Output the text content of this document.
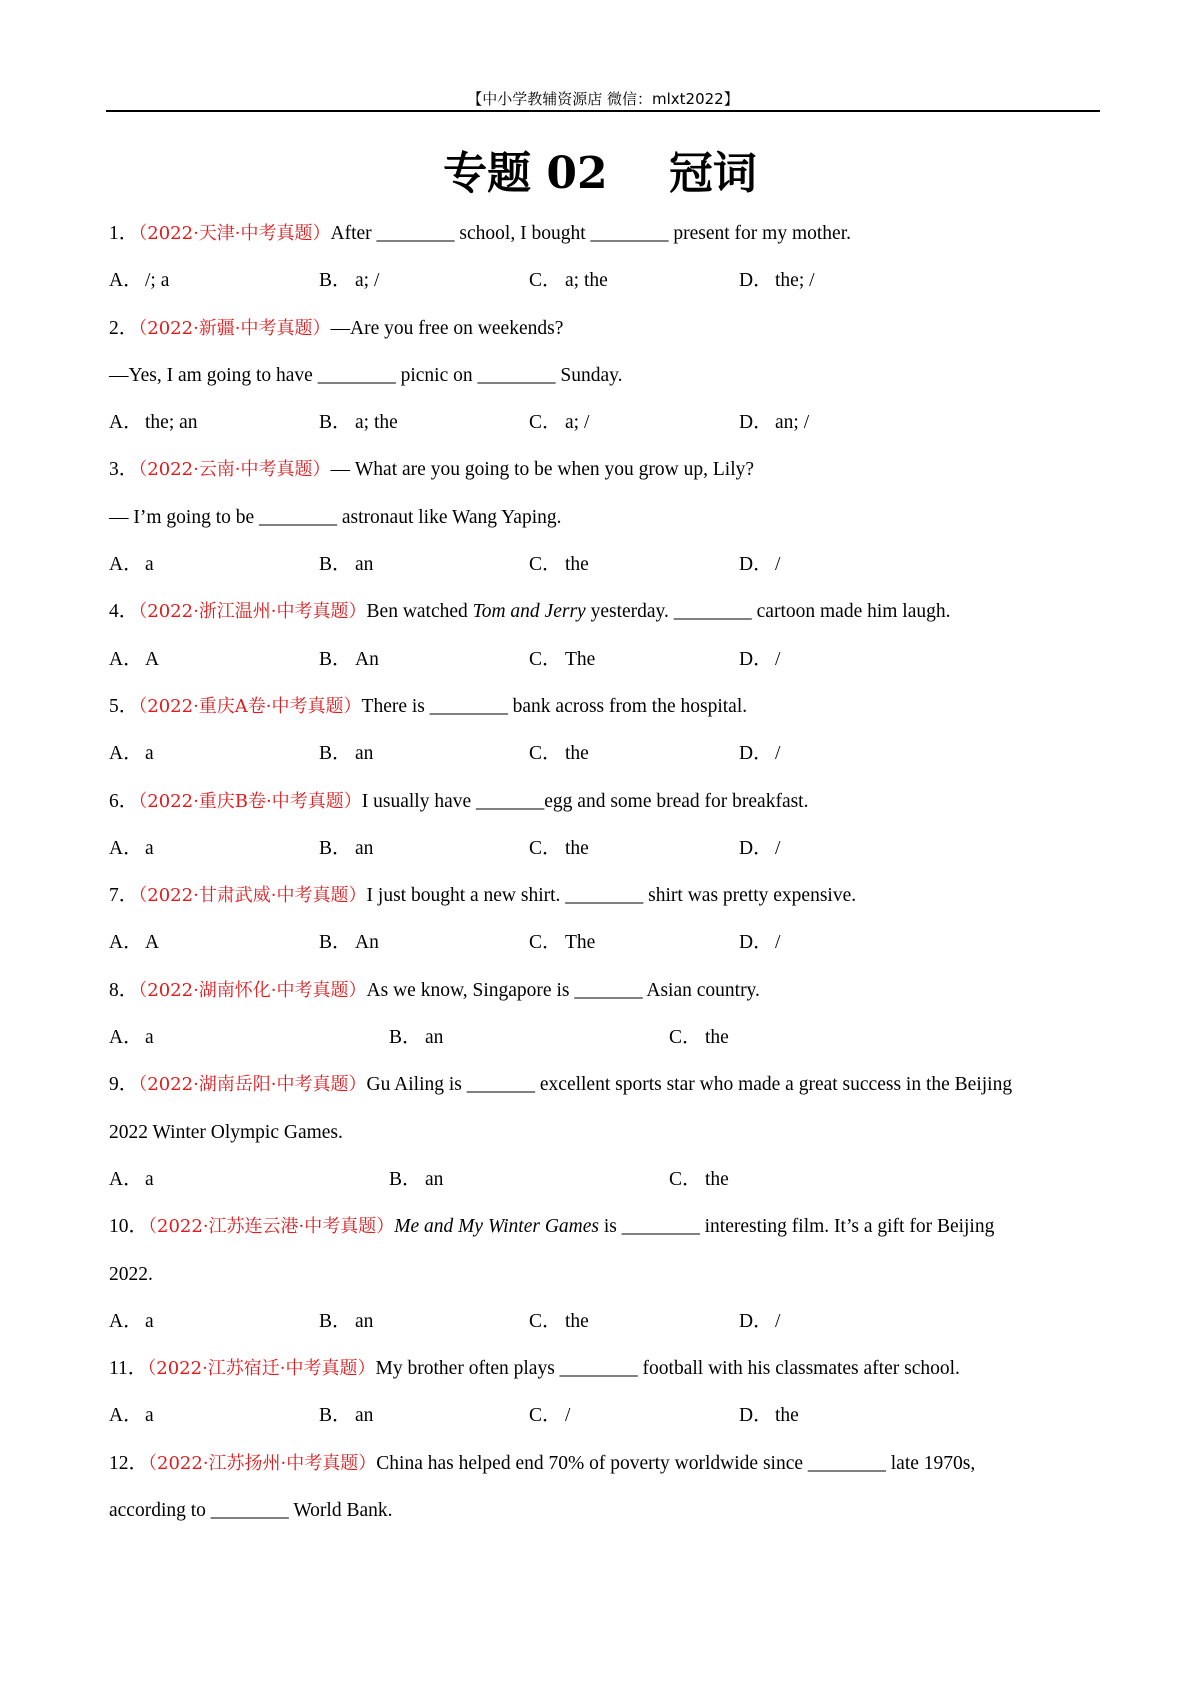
【中小学教辅资源店 微信：mlxt2022】
专题 02    冠词
1．（2022·天津·中考真题）After ________ school, I bought ________ present for my mother.
A． /; a	B． a; /	C． a; the	D． the; /
2．（2022·新疆·中考真题）—Are you free on weekends?
—Yes, I am going to have ________ picnic on ________ Sunday.
A． the; an	B． a; the	C． a; /	D． an; /
3．（2022·云南·中考真题）— What are you going to be when you grow up, Lily?
— I’m going to be ________ astronaut like Wang Yaping.
A． a	B． an	C． the	D． /
4．（2022·浙江温州·中考真题）Ben watched Tom and Jerry yesterday. ________ cartoon made him laugh.
A． A	B． An	C． The	D． /
5．（2022·重庆A卷·中考真题）There is ________ bank across from the hospital.
A． a	B． an	C． the	D． /
6．（2022·重庆B卷·中考真题）I usually have _______egg and some bread for breakfast.
A． a	B． an	C． the	D． /
7．（2022·甘肃武威·中考真题）I just bought a new shirt. ________ shirt was pretty expensive.
A． A	B． An	C． The	D． /
8．（2022·湖南怀化·中考真题）As we know, Singapore is _______ Asian country.
A． a	B． an	C． the
9．（2022·湖南岳阳·中考真题）Gu Ailing is _______ excellent sports star who made a great success in the Beijing
2022 Winter Olympic Games.
A． a	B． an	C． the
10．（2022·江苏连云港·中考真题）Me and My Winter Games is ________ interesting film. It’s a gift for Beijing
2022.
A． a	B． an	C． the	D． /
11．（2022·江苏宿迁·中考真题）My brother often plays ________ football with his classmates after school.
A． a	B． an	C． /	D． the
12．（2022·江苏扬州·中考真题）China has helped end 70% of poverty worldwide since ________ late 1970s,
according to ________ World Bank.
